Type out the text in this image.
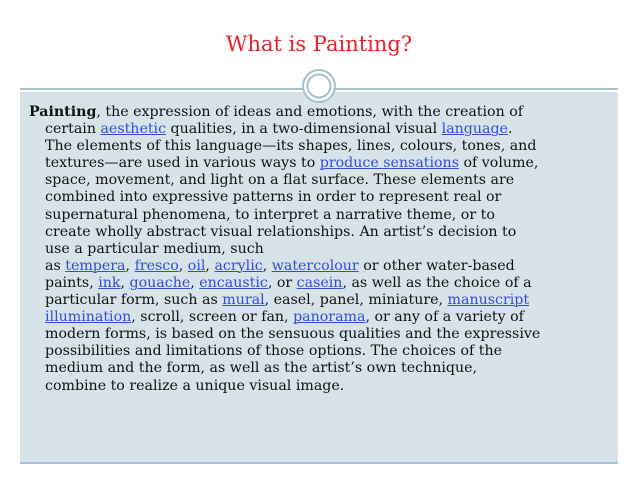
What is Painting?

Painting, the expression of ideas and emotions, with the creation of
certain aesthetic qualities, in a two-dimensional visual language.
The elements of this language—its shapes, lines, colours, tones, and
textures—are used in various ways to produce sensations of volume,
space, movement, and light on a flat surface. These elements are
combined into expressive patterns in order to represent real or
supernatural phenomena, to interpret a narrative theme, or to
create wholly abstract visual relationships. An artist’s decision to
use a particular medium, such
as tempera, fresco, oil, acrylic, watercolour or other water-based
paints, ink, gouache, encaustic, or casein, as well as the choice of a
particular form, such as mural, easel, panel, miniature, manuscript
illumination, scroll, screen or fan, panorama, or any of a variety of
modern forms, is based on the sensuous qualities and the expressive
possibilities and limitations of those options. The choices of the
medium and the form, as well as the artist’s own technique,
combine to realize a unique visual image.
